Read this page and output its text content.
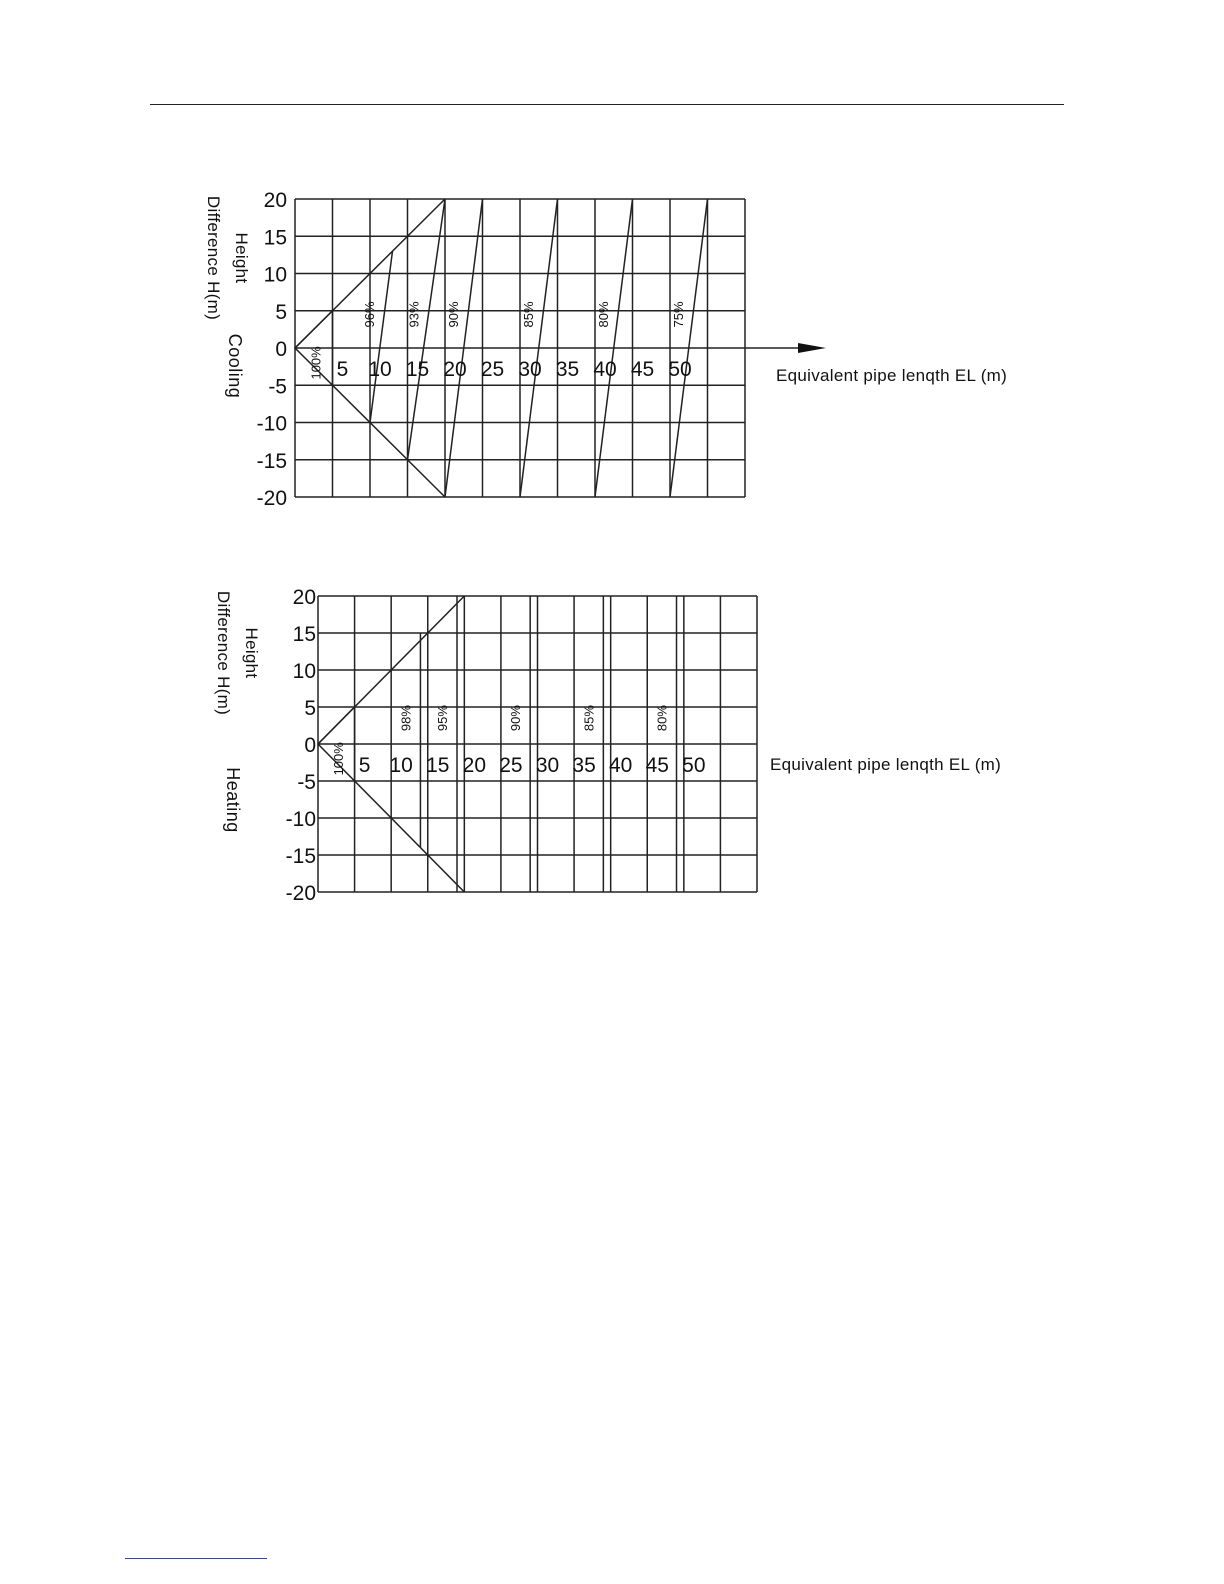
100%
96% 93% 90%	85%	80%	75%
20
15
10
5
0
-5
-10
-15
-20
5 10 15 20 25 30 35 40 45 50	Equivalent pipe lenqth EL (m)
Height
Difference H(m)
Cooling
100%
98% 95%	90%	85%	80%
20
15
10
5
0
-5
-10
-15
-20
5 10 15 20 25 30 35 40 45 50	Equivalent pipe lenqth EL (m)
Height
Difference H(m)
Heating
